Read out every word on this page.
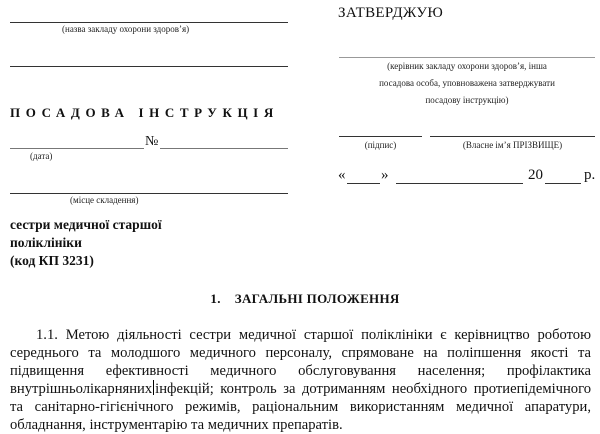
(назва закладу охорони здоров’я)
ПОСАДОВА ІНСТРУКЦІЯ
№
(дата)
(місце складення)
сестри медичної старшої
поліклініки
(код КП 3231)
ЗАТВЕРДЖУЮ
(керівник закладу охорони здоров’я, інша
посадова особа, уповноважена затверджувати
посадову інструкцію)
(підпис)	(Власне ім’я ПРІЗВИЩЕ)
« »	20	р.
1. ЗАГАЛЬНІ ПОЛОЖЕННЯ
1.1. Метою діяльності сестри медичної старшої поліклініки є керівництво роботою
середнього та молодшого медичного персоналу, спрямоване на поліпшення якості та
підвищення ефективності медичного обслуговування населення; профілактика
внутрішньолікарняних інфекцій; контроль за дотриманням необхідного протиепідемічного
та санітарно-гігієнічного режимів, раціональним використанням медичної апаратури,
обладнання, інструментарію та медичних препаратів.
